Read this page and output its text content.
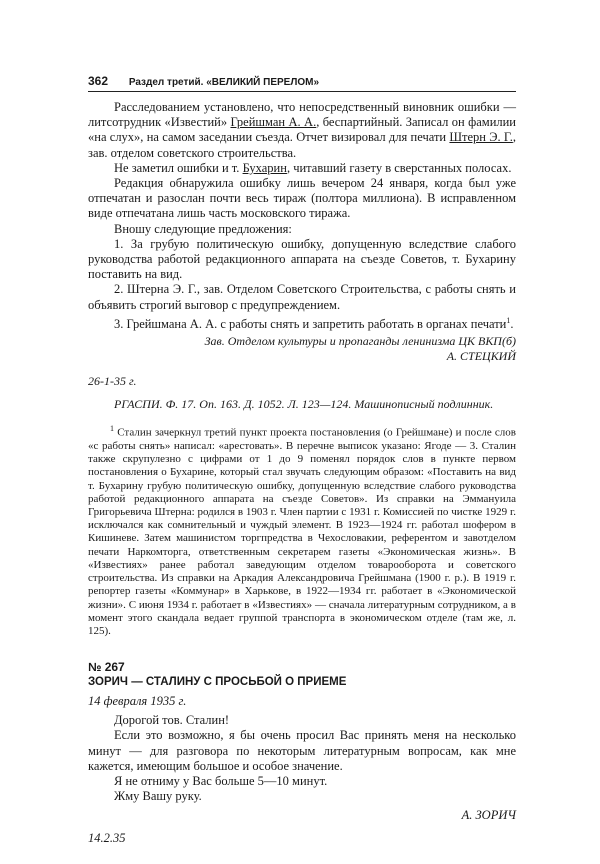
362 Раздел третий. «ВЕЛИКИЙ ПЕРЕЛОМ»

Расследованием установлено, что непосредственный виновник ошибки — литсотрудник «Известий» Грейшман А. А., беспартийный. Записал он фамилии «на слух», на самом заседании съезда. Отчет визировал для печати Штерн Э. Г., зав. отделом советского строительства.

Не заметил ошибки и т. Бухарин, читавший газету в сверстанных полосах.

Редакция обнаружила ошибку лишь вечером 24 января, когда был уже отпечатан и разослан почти весь тираж (полтора миллиона). В исправленном виде отпечатана лишь часть московского тиража.

Вношу следующие предложения:

1. За грубую политическую ошибку, допущенную вследствие слабого руководства работой редакционного аппарата на съезде Советов, т. Бухарину поставить на вид.

2. Штерна Э. Г., зав. Отделом Советского Строительства, с работы снять и объявить строгий выговор с предупреждением.

3. Грейшмана А. А. с работы снять и запретить работать в органах печати$^1$.

Зав. Отделом культуры и пропаганды ленинизма ЦК ВКП(б)

А. СТЕЦКИЙ

26-1-35 г.

РГАСПИ. Ф. 17. Оп. 163. Д. 1052. Л. 123—124. Машинописный подлинник.

$^1$ Сталин зачеркнул третий пункт проекта постановления (о Грейшмане) и после слов «с работы снять» написал: «арестовать». В перечне выписок указано: Ягоде — 3. Сталин также скрупулезно с цифрами от 1 до 9 поменял порядок слов в пункте первом постановления о Бухарине, который стал звучать следующим образом: «Поставить на вид т. Бухарину грубую политическую ошибку, допущенную вследствие слабого руководства работой редакционного аппарата на съезде Советов». Из справки на Эммануила Григорьевича Штерна: родился в 1903 г. Член партии с 1931 г. Комиссией по чистке 1929 г. исключался как сомнительный и чуждый элемент. В 1923—1924 гг. работал шофером в Кишиневе. Затем машинистом торгпредства в Чехословакии, референтом и завотделом печати Наркомторга, ответственным секретарем газеты «Экономическая жизнь». В «Известиях» ранее работал заведующим отделом товарооборота и советского строительства. Из справки на Аркадия Александровича Грейшмана (1900 г. р.). В 1919 г. репортер газеты «Коммунар» в Харькове, в 1922—1934 гг. работает в «Экономической жизни». С июня 1934 г. работает в «Известиях» — сначала литературным сотрудником, а в момент этого скандала ведает группой транспорта в экономическом отделе (там же, л. 125).

№ 267

ЗОРИЧ — СТАЛИНУ С ПРОСЬБОЙ О ПРИЕМЕ

14 февраля 1935 г.

Дорогой тов. Сталин!

Если это возможно, я бы очень просил Вас принять меня на несколько минут — для разговора по некоторым литературным вопросам, как мне кажется, имеющим большое и особое значение.

Я не отниму у Вас больше 5—10 минут.

Жму Вашу руку.

А. ЗОРИЧ

14.2.35
